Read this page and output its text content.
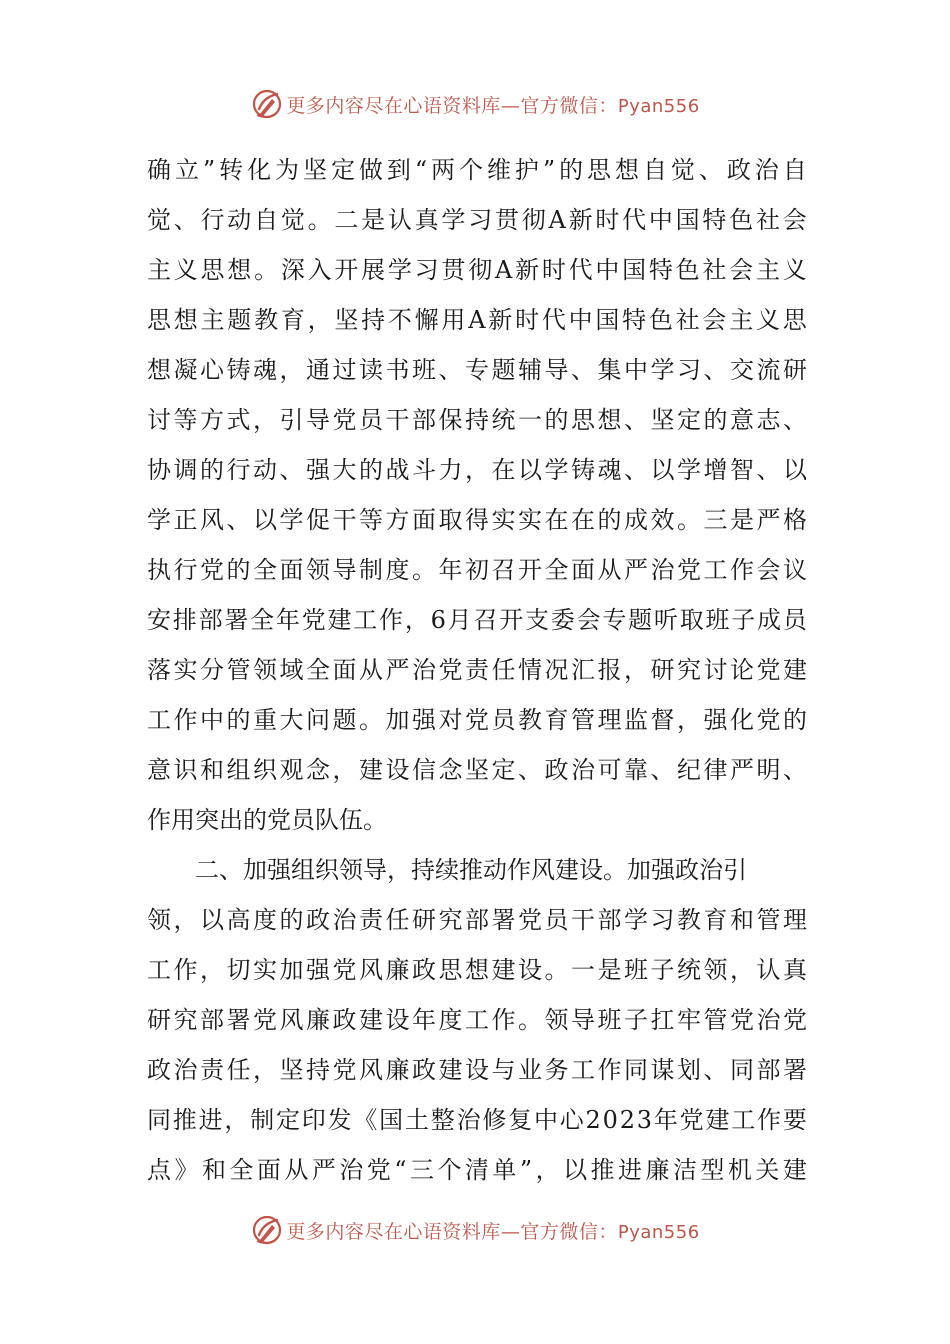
更多内容尽在心语资料库—官方微信：Pyan556
确 立 ” 转 化 为 坚 定 做 到 “ 两 个 维 护 ” 的 思 想 自 觉 、 政 治 自
觉 、 行 动 自 觉 。 二 是 认 真 学 习 贯 彻 A 新 时 代 中 国 特 色 社 会
主 义 思 想 。 深 入 开 展 学 习 贯 彻 A 新 时 代 中 国 特 色 社 会 主 义
思 想 主 题 教 育 ， 坚 持 不 懈 用 A 新 时 代 中 国 特 色 社 会 主 义 思
想 凝 心 铸 魂 ， 通 过 读 书 班 、 专 题 辅 导 、 集 中 学 习 、 交 流 研
讨 等 方 式 ， 引 导 党 员 干 部 保 持 统 一 的 思 想 、 坚 定 的 意 志 、
协 调 的 行 动 、 强 大 的 战 斗 力 ， 在 以 学 铸 魂 、 以 学 增 智 、 以
学 正 风 、 以 学 促 干 等 方 面 取 得 实 实 在 在 的 成 效 。 三 是 严 格
执 行 党 的 全 面 领 导 制 度 。 年 初 召 开 全 面 从 严 治 党 工 作 会 议
安 排 部 署 全 年 党 建 工 作 ， 6 月 召 开 支 委 会 专 题 听 取 班 子 成 员
落 实 分 管 领 域 全 面 从 严 治 党 责 任 情 况 汇 报 ， 研 究 讨 论 党 建
工 作 中 的 重 大 问 题 。 加 强 对 党 员 教 育 管 理 监 督 ， 强 化 党 的
意 识 和 组 织 观 念 ， 建 设 信 念 坚 定 、 政 治 可 靠 、 纪 律 严 明 、
作用突出的党员队伍。
二、加强组织领导，持续推动作风建设。加强政治引
领 ， 以 高 度 的 政 治 责 任 研 究 部 署 党 员 干 部 学 习 教 育 和 管 理
工 作 ， 切 实 加 强 党 风 廉 政 思 想 建 设 。 一 是 班 子 统 领 ， 认 真
研 究 部 署 党 风 廉 政 建 设 年 度 工 作 。 领 导 班 子 扛 牢 管 党 治 党
政 治 责 任 ， 坚 持 党 风 廉 政 建 设 与 业 务 工 作 同 谋 划 、 同 部 署
同 推 进 ， 制 定 印 发 《 国 土 整 治 修 复 中 心 2 0 2 3 年 党 建 工 作 要
点 》 和 全 面 从 严 治 党 “ 三 个 清 单 ” ， 以 推 进 廉 洁 型 机 关 建
更多内容尽在心语资料库—官方微信：Pyan556
